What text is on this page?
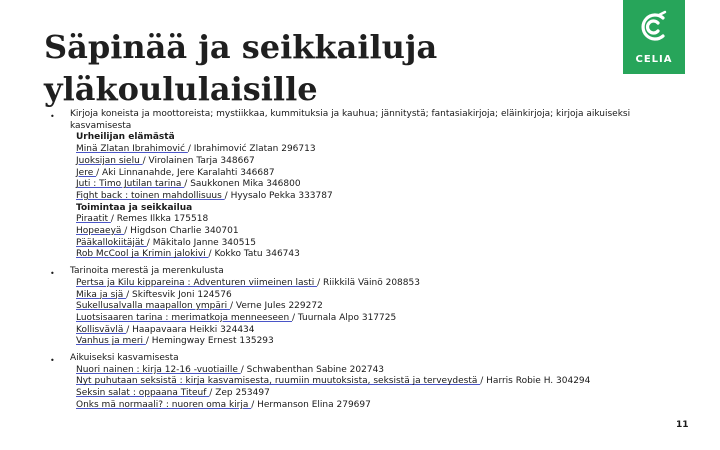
Säpinää ja seikkailuja
yläkoululaisille
CELIA
•	Kirjoja koneista ja moottoreista; mystiikkaa, kummituksia ja kauhua; jännitystä; fantasiakirjoja; eläinkirjoja; kirjoja aikuiseksi
kasvamisesta
Urheilijan elämästä
Minä Zlatan Ibrahimović / Ibrahimović Zlatan 296713
Juoksijan sielu / Virolainen Tarja 348667
Jere / Aki Linnanahde, Jere Karalahti 346687
Juti : Timo Jutilan tarina / Saukkonen Mika 346800
Fight back : toinen mahdollisuus / Hyysalo Pekka 333787
Toimintaa ja seikkailua
Piraatit / Remes Ilkka 175518
Hopeaeyä / Higdson Charlie 340701
Pääkallokiitäjät / Mäkitalo Janne 340515
Rob McCool ja Krimin jalokivi / Kokko Tatu 346743
•	Tarinoita merestä ja merenkulusta
Pertsa ja Kilu kippareina : Adventuren viimeinen lasti / Riikkilä Väinö 208853
Mika ja sjä / Skiftesvik Joni 124576
Sukellusalvalla maapallon ympäri / Verne Jules 229272
Luotsisaaren tarina : merimatkoja menneeseen / Tuurnala Alpo 317725
Kollisvävlä / Haapavaara Heikki 324434
Vanhus ja meri / Hemingway Ernest 135293
•	Aikuiseksi kasvamisesta
Nuori nainen : kirja 12-16 -vuotiaille / Schwabenthan Sabine 202743
Nyt puhutaan seksistä : kirja kasvamisesta, ruumiin muutoksista, seksistä ja terveydestä / Harris Robie H. 304294
Seksin salat : oppaana Titeuf / Zep 253497
Onks mä normaali? : nuoren oma kirja / Hermanson Elina 279697
11
